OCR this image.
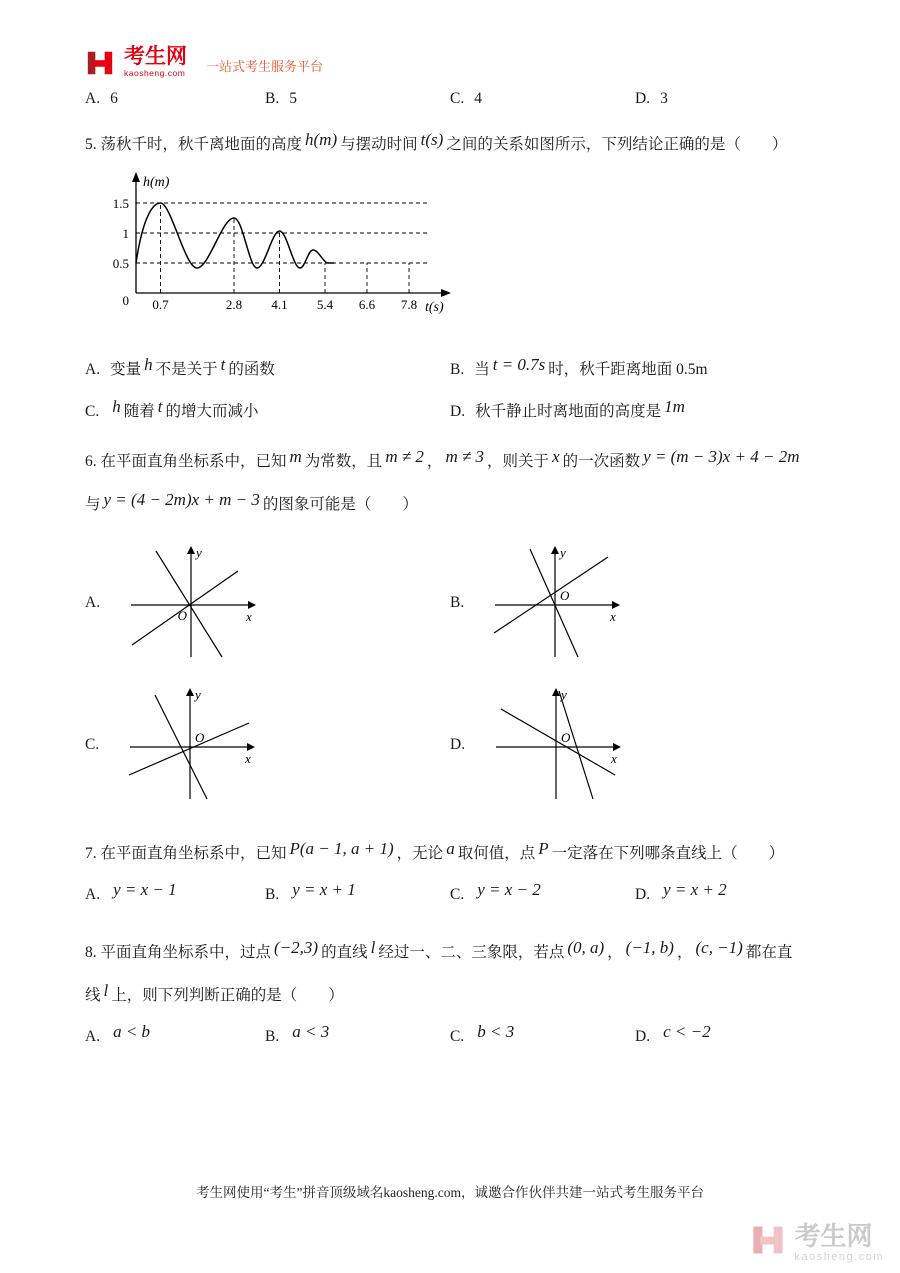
考生网
kaosheng.com 一站式考生服务平台
A. 6	B. 5	C. 4	D. 3
5. 荡秋千时，秋千离地面的高度 h(m) 与摆动时间 t(s) 之间的关系如图所示，下列结论正确的是（　　）
h(m)
t(s)
1.5
1
0.5
0 0.7	2.8 4.1 5.4 6.6 7.8
A. 变量 h 不是关于 t 的函数	B. 当 t = 0.7s 时，秋千距离地面 0.5m
C. h 随着 t 的增大而减小	D. 秋千静止时离地面的高度是 1m
6. 在平面直角坐标系中，已知 m 为常数，且 m ≠ 2 ， m ≠ 3 ，则关于 x 的一次函数 y = (m − 3)x + 4 − 2m
与 y = (4 − 2m)x + m − 3 的图象可能是（　　）
A.
y
x
O
B.
y
x
O
C.
y
x
O	D.
y
x
O
7. 在平面直角坐标系中，已知 P(a − 1, a + 1) ，无论 a 取何值，点 P 一定落在下列哪条直线上（　　）
A. y = x − 1	B. y = x + 1	C. y = x − 2	D. y = x + 2
8. 平面直角坐标系中，过点 (−2,3) 的直线 l 经过一、二、三象限，若点 (0, a) ， (−1, b) ， (c, −1) 都在直
线 l 上，则下列判断正确的是（　　）
A. a < b	B. a < 3	C. b < 3	D. c < −2
考生网使用“考生”拼音顶级域名kaosheng.com，诚邀合作伙伴共建一站式考生服务平台
考生网
kaosheng.com
